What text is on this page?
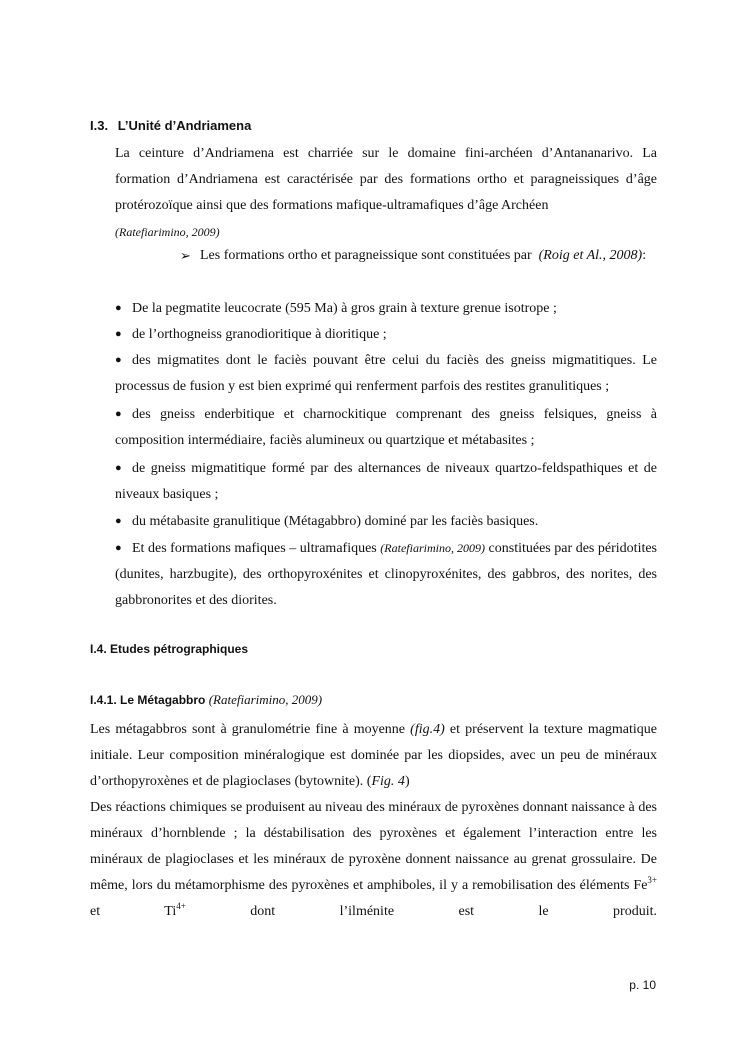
I.3. L’Unité d’Andriamena
La ceinture d’Andriamena est charriée sur le domaine fini-archéen d’Antananarivo. La formation d’Andriamena est caractérisée par des formations ortho et paragneissiques d’âge protérozoïque ainsi que des formations mafique-ultramafiques d’âge Archéen
(Ratefiarimino, 2009)
➢ Les formations ortho et paragneissique sont constituées par (Roig et Al., 2008):
● De la pegmatite leucocrate (595 Ma) à gros grain à texture grenue isotrope ;
● de l’orthogneiss granodioritique à dioritique ;
● des migmatites dont le faciès pouvant être celui du faciès des gneiss migmatitiques. Le processus de fusion y est bien exprimé qui renferment parfois des restites granulitiques ;
● des gneiss enderbitique et charnockitique comprenant des gneiss felsiques, gneiss à composition intermédiaire, faciès alumineux ou quartzique et métabasites ;
● de gneiss migmatitique formé par des alternances de niveaux quartzo-feldspathiques et de niveaux basiques ;
● du métabasite granulitique (Métagabbro) dominé par les faciès basiques.
● Et des formations mafiques – ultramafiques (Ratefiarimino, 2009) constituées par des péridotites (dunites, harzbugite), des orthopyroxénites et clinopyroxénites, des gabbros, des norites, des gabbronorites et des diorites.
I.4. Etudes pétrographiques
I.4.1. Le Métagabbro (Ratefiarimino, 2009)
Les métagabbros sont à granulométrie fine à moyenne (fig.4) et préservent la texture magmatique initiale. Leur composition minéralogique est dominée par les diopsides, avec un peu de minéraux d’orthopyroxènes et de plagioclases (bytownite). (Fig. 4)
Des réactions chimiques se produisent au niveau des minéraux de pyroxènes donnant naissance à des minéraux d’hornblende ; la déstabilisation des pyroxènes et également l’interaction entre les minéraux de plagioclases et les minéraux de pyroxène donnent naissance au grenat grossulaire. De même, lors du métamorphisme des pyroxènes et amphiboles, il y a remobilisation des éléments $Fe^{3+}$ et $Ti^{4+}$ dont l’ilménite est le produit.
p. 10
